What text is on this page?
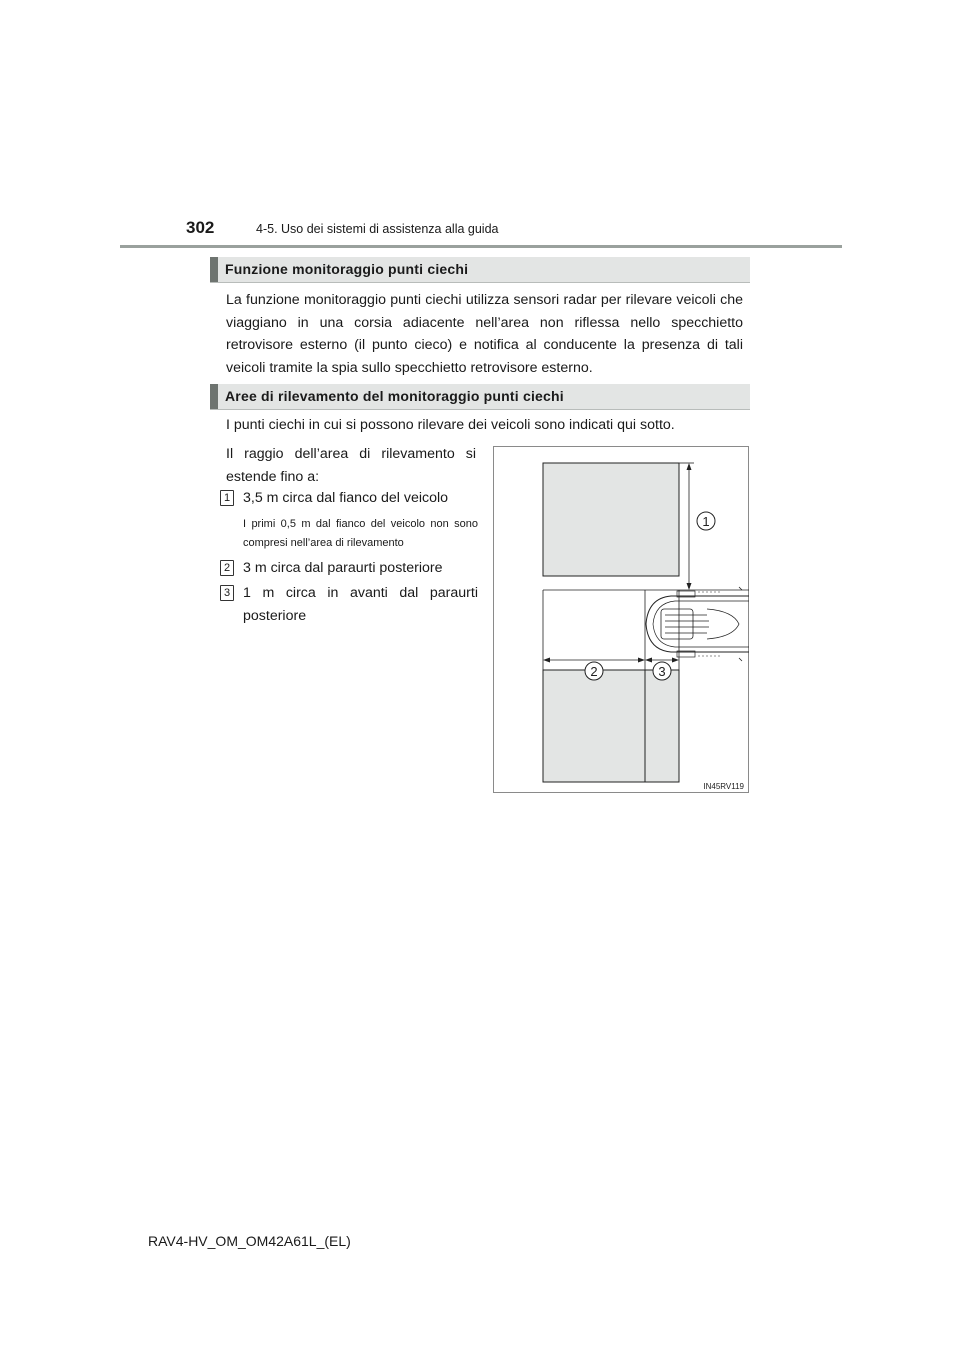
302	4-5. Uso dei sistemi di assistenza alla guida
Funzione monitoraggio punti ciechi
La funzione monitoraggio punti ciechi utilizza sensori radar per rilevare veicoli che viaggiano in una corsia adiacente nell’area non riflessa nello specchietto retrovisore esterno (il punto cieco) e notifica al conducente la presenza di tali veicoli tramite la spia sullo specchietto retrovisore esterno.
Aree di rilevamento del monitoraggio punti ciechi
I punti ciechi in cui si possono rilevare dei veicoli sono indicati qui sotto.
Il raggio dell’area di rilevamento si estende fino a:
1 3,5 m circa dal fianco del veicolo
I primi 0,5 m dal fianco del veicolo non sono compresi nell’area di rilevamento
2 3 m circa dal paraurti posteriore
3 1 m circa in avanti dal paraurti posteriore
1
2	3
IN45RV119
RAV4-HV_OM_OM42A61L_(EL)
